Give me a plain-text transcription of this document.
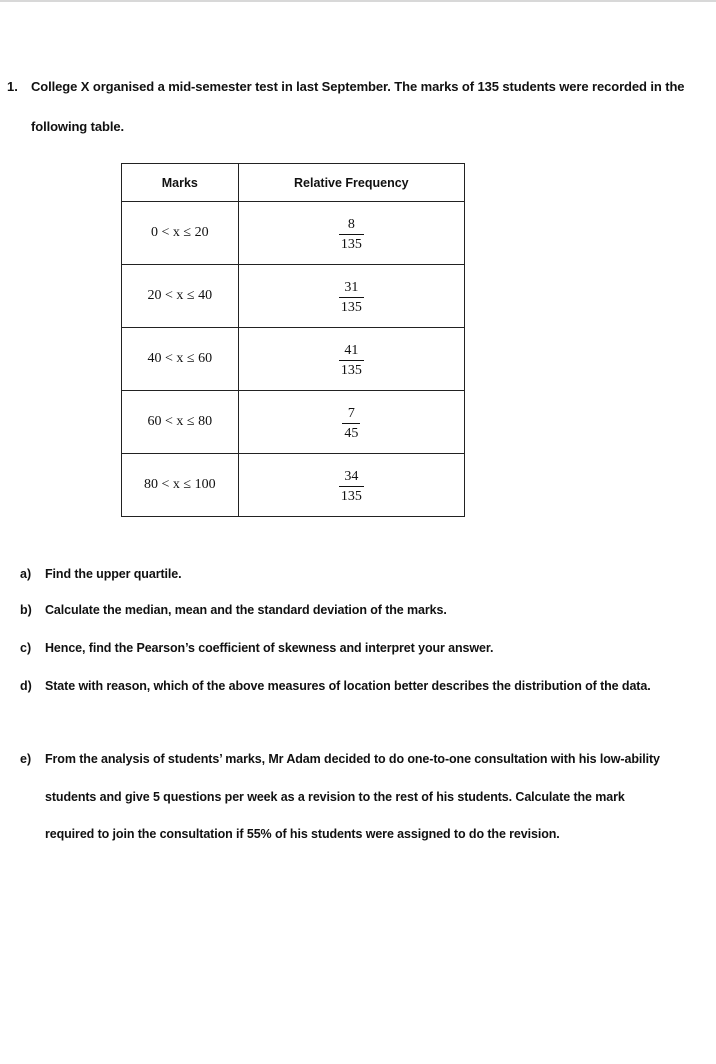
1. College X organised a mid-semester test in last September. The marks of 135 students were recorded in the
following table.
Marks	Relative Frequency
0 < x ≤ 20	$\frac{8}{135}$

20 < x ≤ 40	$\frac{31}{135}$

40 < x ≤ 60	$\frac{41}{135}$

60 < x ≤ 80	$\frac{7}{45}$

80 < x ≤ 100	$\frac{34}{135}$
a) Find the upper quartile.
b) Calculate the median, mean and the standard deviation of the marks.
c) Hence, find the Pearson’s coefficient of skewness and interpret your answer.
d) State with reason, which of the above measures of location better describes the distribution of the data.
e) From the analysis of students’ marks, Mr Adam decided to do one-to-one consultation with his low-ability
students and give 5 questions per week as a revision to the rest of his students. Calculate the mark
required to join the consultation if 55% of his students were assigned to do the revision.
